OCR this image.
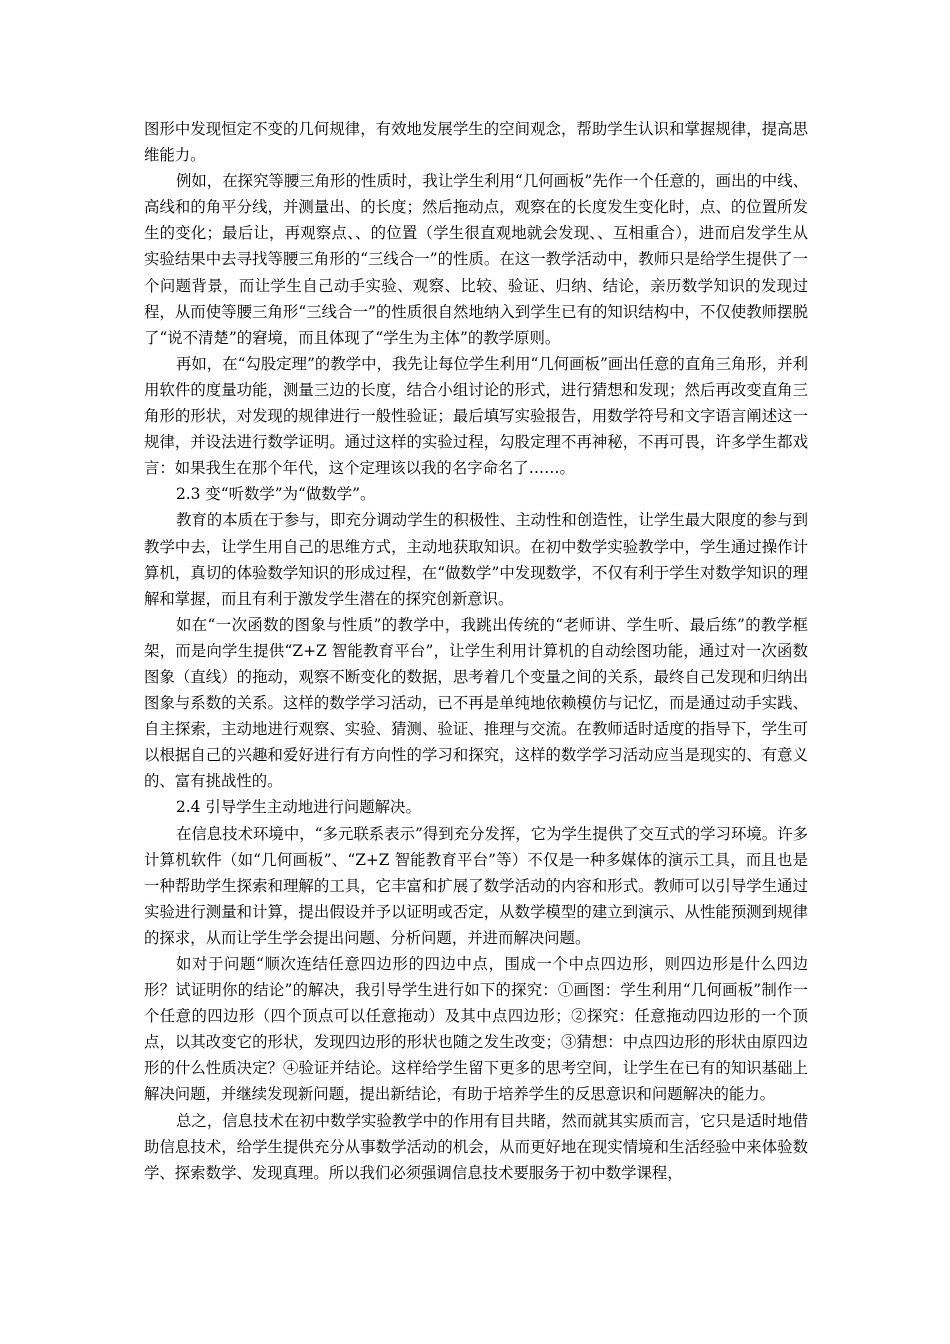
图形中发现恒定不变的几何规律，有效地发展学生的空间观念，帮助学生认识和掌握规律，提高思维能力。

例如，在探究等腰三角形的性质时，我让学生利用“几何画板”先作一个任意的，画出的中线、高线和的角平分线，并测量出、的长度；然后拖动点，观察在的长度发生变化时，点、的位置所发生的变化；最后让，再观察点、、的位置（学生很直观地就会发现、、互相重合），进而启发学生从实验结果中去寻找等腰三角形的“三线合一”的性质。在这一教学活动中，教师只是给学生提供了一个问题背景，而让学生自己动手实验、观察、比较、验证、归纳、结论，亲历数学知识的发现过程，从而使等腰三角形“三线合一”的性质很自然地纳入到学生已有的知识结构中，不仅使教师摆脱了“说不清楚”的窘境，而且体现了“学生为主体”的教学原则。

再如，在“勾股定理”的教学中，我先让每位学生利用“几何画板”画出任意的直角三角形，并利用软件的度量功能，测量三边的长度，结合小组讨论的形式，进行猜想和发现；然后再改变直角三角形的形状，对发现的规律进行一般性验证；最后填写实验报告，用数学符号和文字语言阐述这一规律，并设法进行数学证明。通过这样的实验过程，勾股定理不再神秘，不再可畏，许多学生都戏言：如果我生在那个年代，这个定理该以我的名字命名了……。

2.3 变“听数学”为“做数学”。

教育的本质在于参与，即充分调动学生的积极性、主动性和创造性，让学生最大限度的参与到教学中去，让学生用自己的思维方式，主动地获取知识。在初中数学实验教学中，学生通过操作计算机，真切的体验数学知识的形成过程，在“做数学”中发现数学，不仅有利于学生对数学知识的理解和掌握，而且有利于激发学生潜在的探究创新意识。

如在“一次函数的图象与性质”的教学中，我跳出传统的“老师讲、学生听、最后练”的教学框架，而是向学生提供“Z+Z 智能教育平台”，让学生利用计算机的自动绘图功能，通过对一次函数图象（直线）的拖动，观察不断变化的数据，思考着几个变量之间的关系，最终自己发现和归纳出图象与系数的关系。这样的数学学习活动，已不再是单纯地依赖模仿与记忆，而是通过动手实践、自主探索，主动地进行观察、实验、猜测、验证、推理与交流。在教师适时适度的指导下，学生可以根据自己的兴趣和爱好进行有方向性的学习和探究，这样的数学学习活动应当是现实的、有意义的、富有挑战性的。

2.4 引导学生主动地进行问题解决。

在信息技术环境中，“多元联系表示”得到充分发挥，它为学生提供了交互式的学习环境。许多计算机软件（如“几何画板”、“Z+Z 智能教育平台”等）不仅是一种多媒体的演示工具，而且也是一种帮助学生探索和理解的工具，它丰富和扩展了数学活动的内容和形式。教师可以引导学生通过实验进行测量和计算，提出假设并予以证明或否定，从数学模型的建立到演示、从性能预测到规律的探求，从而让学生学会提出问题、分析问题，并进而解决问题。

如对于问题“顺次连结任意四边形的四边中点，围成一个中点四边形，则四边形是什么四边形？试证明你的结论”的解决，我引导学生进行如下的探究：①画图：学生利用“几何画板”制作一个任意的四边形（四个顶点可以任意拖动）及其中点四边形；②探究：任意拖动四边形的一个顶点，以其改变它的形状，发现四边形的形状也随之发生改变；③猜想：中点四边形的形状由原四边形的什么性质决定？④验证并结论。这样给学生留下更多的思考空间，让学生在已有的知识基础上解决问题，并继续发现新问题，提出新结论，有助于培养学生的反思意识和问题解决的能力。

总之，信息技术在初中数学实验教学中的作用有目共睹，然而就其实质而言，它只是适时地借助信息技术，给学生提供充分从事数学活动的机会，从而更好地在现实情境和生活经验中来体验数学、探索数学、发现真理。所以我们必须强调信息技术要服务于初中数学课程，
